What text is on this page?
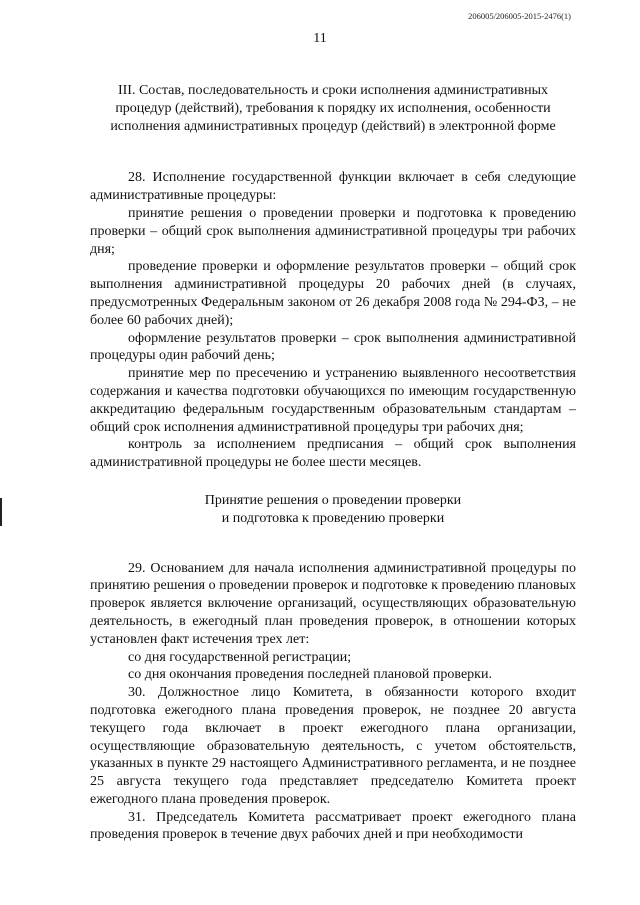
206005/206005-2015-2476(1)
11
III. Состав, последовательность и сроки исполнения административных
процедур (действий), требования к порядку их исполнения, особенности
исполнения административных процедур (действий) в электронной форме

28. Исполнение государственной функции включает в себя следующие административные процедуры:

принятие решения о проведении проверки и подготовка к проведению проверки – общий срок выполнения административной процедуры три рабочих дня;

проведение проверки и оформление результатов проверки – общий срок выполнения административной процедуры 20 рабочих дней (в случаях, предусмотренных Федеральным законом от 26 декабря 2008 года № 294-ФЗ, – не более 60 рабочих дней);

оформление результатов проверки – срок выполнения административной процедуры один рабочий день;

принятие мер по пресечению и устранению выявленного несоответствия содержания и качества подготовки обучающихся по имеющим государственную аккредитацию федеральным государственным образовательным стандартам – общий срок исполнения административной процедуры три рабочих дня;

контроль за исполнением предписания – общий срок выполнения административной процедуры не более шести месяцев.

Принятие решения о проведении проверки
и подготовка к проведению проверки

29. Основанием для начала исполнения административной процедуры по принятию решения о проведении проверок и подготовке к проведению плановых проверок является включение организаций, осуществляющих образовательную деятельность, в ежегодный план проведения проверок, в отношении которых установлен факт истечения трех лет:

со дня государственной регистрации;

со дня окончания проведения последней плановой проверки.

30. Должностное лицо Комитета, в обязанности которого входит подготовка ежегодного плана проведения проверок, не позднее 20 августа текущего года включает в проект ежегодного плана организации, осуществляющие образовательную деятельность, с учетом обстоятельств, указанных в пункте 29 настоящего Административного регламента, и не позднее 25 августа текущего года представляет председателю Комитета проект ежегодного плана проведения проверок.

31. Председатель Комитета рассматривает проект ежегодного плана проведения проверок в течение двух рабочих дней и при необходимости
